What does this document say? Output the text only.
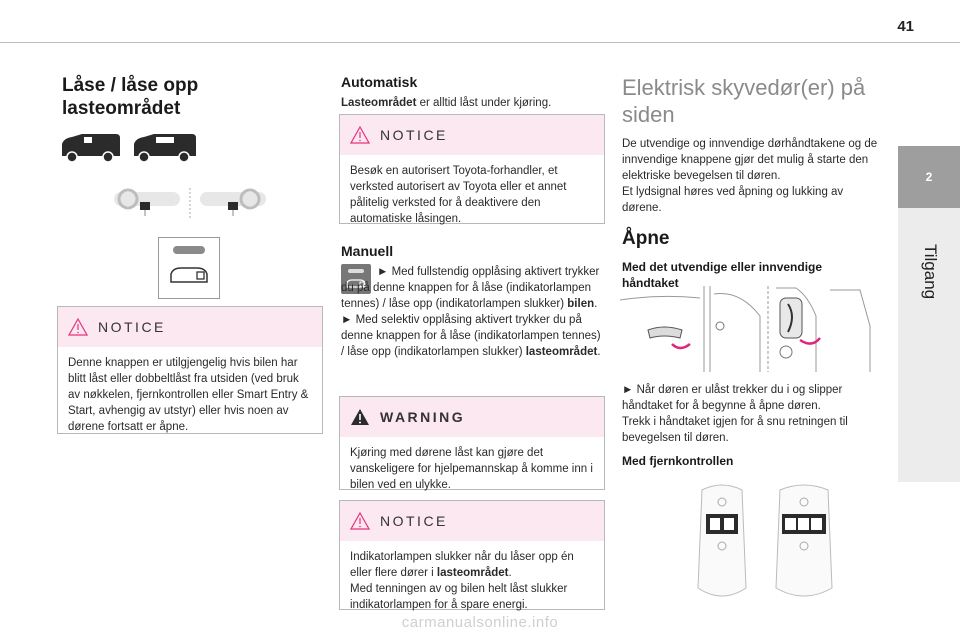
41
2
Tilgang
Låse / låse opp lasteområdet
NOTICE

Denne knappen er utilgjengelig hvis bilen har blitt låst eller dobbeltlåst fra utsiden (ved bruk av nøkkelen, fjernkontrollen eller Smart Entry & Start, avhengig av utstyr) eller hvis noen av dørene fortsatt er åpne.

Automatisk

Lasteområdet er alltid låst under kjøring.

NOTICE

Besøk en autorisert Toyota-forhandler, et verksted autorisert av Toyota eller et annet pålitelig verksted for å deaktivere den automatiske låsingen.

Manuell

► Med fullstendig opplåsing aktivert trykker du på denne knappen for å låse (indikatorlampen tennes) / låse opp (indikatorlampen slukker) bilen.

► Med selektiv opplåsing aktivert trykker du på denne knappen for å låse (indikatorlampen tennes) / låse opp (indikatorlampen slukker) lasteområdet.

WARNING

Kjøring med dørene låst kan gjøre det vanskeligere for hjelpemannskap å komme inn i bilen ved en ulykke.

NOTICE

Indikatorlampen slukker når du låser opp én eller flere dører i lasteområdet.

Med tenningen av og bilen helt låst slukker indikatorlampen for å spare energi.

Elektrisk skyvedør(er) på siden

De utvendige og innvendige dørhåndtakene og de innvendige knappene gjør det mulig å starte den elektriske bevegelsen til døren.

Et lydsignal høres ved åpning og lukking av dørene.

Åpne
Med det utvendige eller innvendige håndtaket

► Når døren er ulåst trekker du i og slipper håndtaket for å begynne å åpne døren.

Trekk i håndtaket igjen for å snu retningen til bevegelsen til døren.

Med fjernkontrollen
carmanualsonline.info
